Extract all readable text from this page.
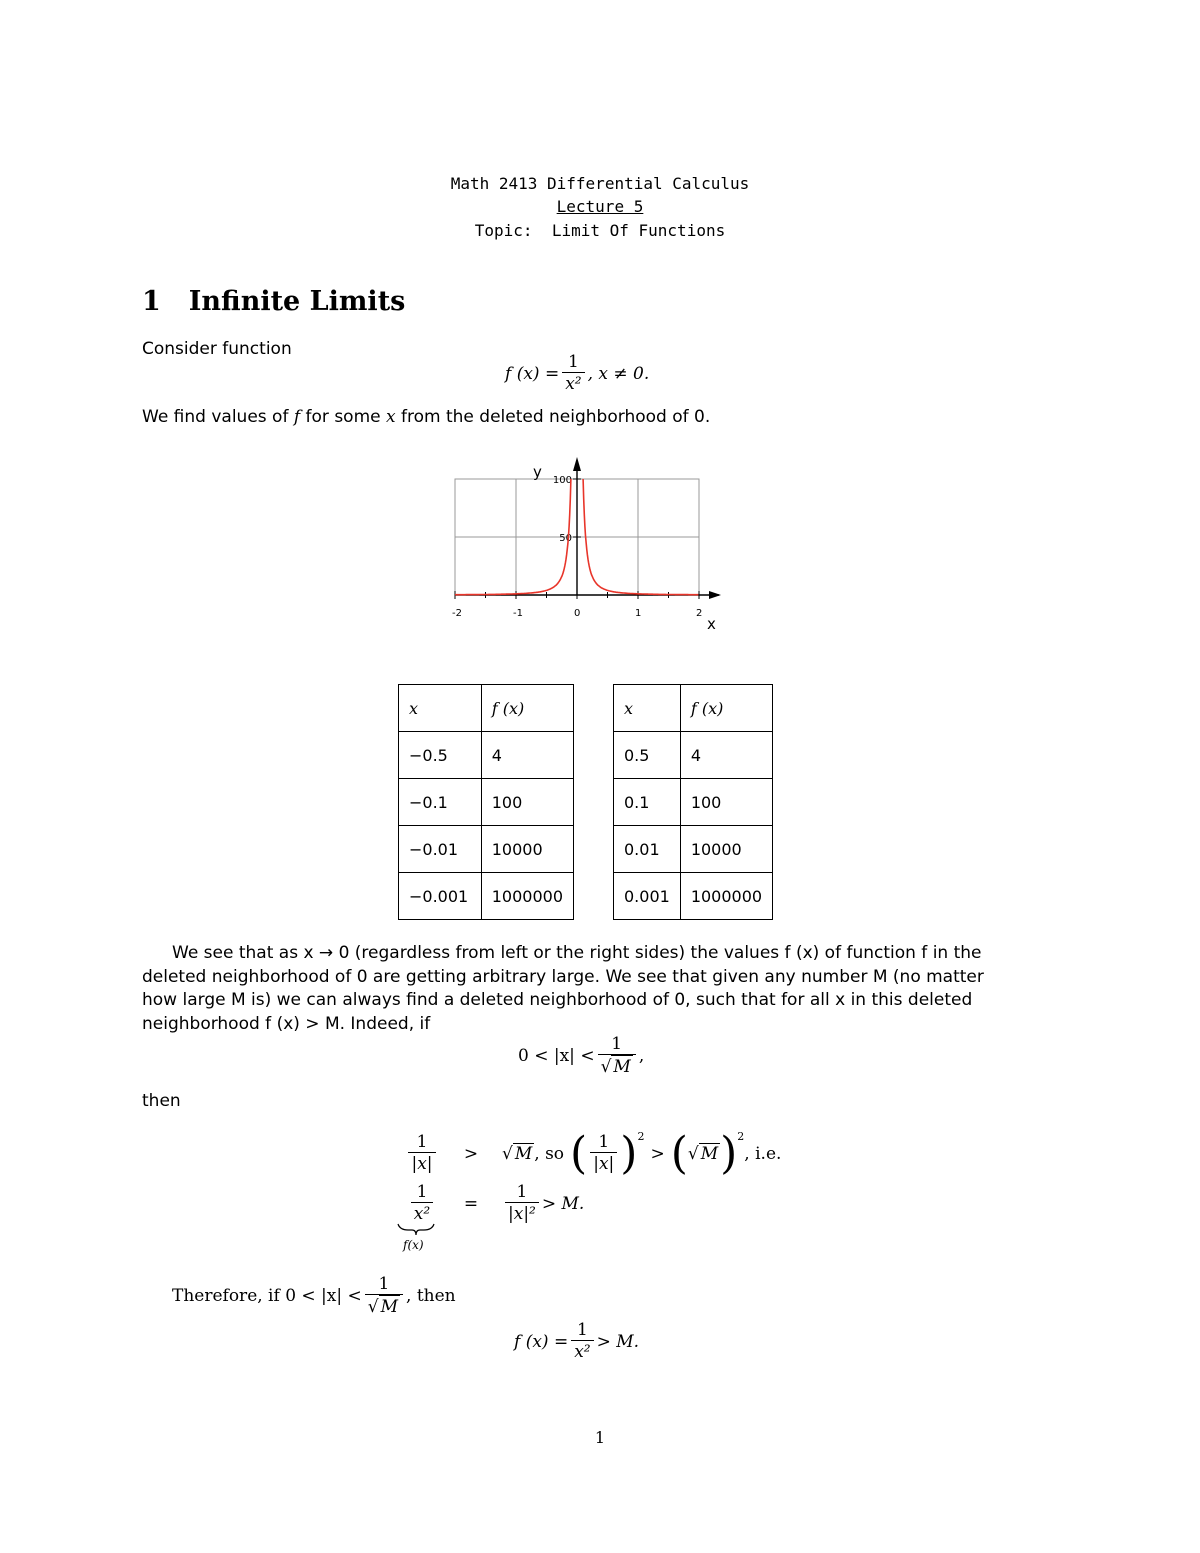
Math 2413 Differential Calculus
Lecture 5
Topic:  Limit Of Functions
1 Infinite Limits
Consider function
f $(x) = \frac{1}{\text{x²}}$ , x ≠ 0.
We find values of f for some x from the deleted neighborhood of 0.
-2	-1	0	1	2
50
100
x
y
x	f (x)
−0.5	4
−0.1	100
−0.01	10000
−0.001	1000000
x	f (x)
0.5	4
0.1	100
0.01	10000
0.001	1000000
We see that as x → 0 (regardless from left or the right sides) the values f (x) of function f in the
deleted neighborhood of 0 are getting arbitrary large. We see that given any number M (no matter
how large M is) we can always find a deleted neighborhood of 0, such that for all x in this deleted
neighborhood f (x) > M. Indeed, if
$0 < |x| < \frac{1}{√ M}$ ,
then
$\frac{1}{|x|}$	>	√ M , so ( $\frac{1}{|x|} )^2$
> ( √ M )$^2$
, i.e.
$\frac{1}{\text{x²}}$	=	$\frac{1}{\text{|x|²}} > M$.
f(x)
Therefore, if $0 < |x| < \frac{1}{√ M}$ , then
f $(x) = \frac{1}{\text{x²}} > M$.
1
